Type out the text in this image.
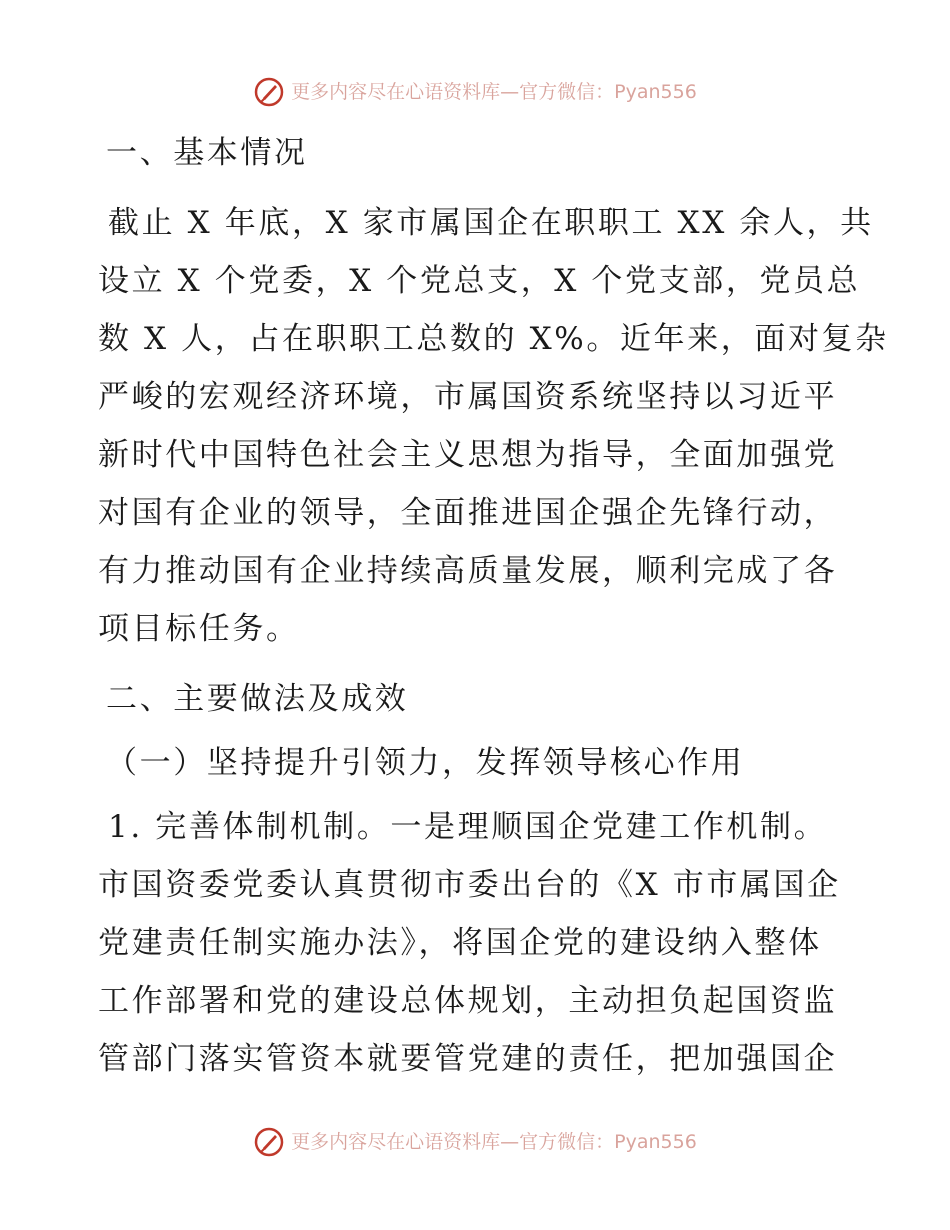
更多内容尽在心语资料库—官方微信：Pyan556
一、基本情况
截止 X 年底，X 家市属国企在职职工 XX 余人，共
设立 X 个党委，X 个党总支，X 个党支部，党员总
数 X 人，占在职职工总数的 X%。近年来，面对复杂
严峻的宏观经济环境，市属国资系统坚持以习近平
新时代中国特色社会主义思想为指导，全面加强党
对国有企业的领导，全面推进国企强企先锋行动，
有力推动国有企业持续高质量发展，顺利完成了各
项目标任务。
二、主要做法及成效
（一）坚持提升引领力，发挥领导核心作用
1. 完善体制机制。一是理顺国企党建工作机制。
市国资委党委认真贯彻市委出台的《X 市市属国企
党建责任制实施办法》，将国企党的建设纳入整体
工作部署和党的建设总体规划，主动担负起国资监
管部门落实管资本就要管党建的责任，把加强国企
更多内容尽在心语资料库—官方微信：Pyan556
